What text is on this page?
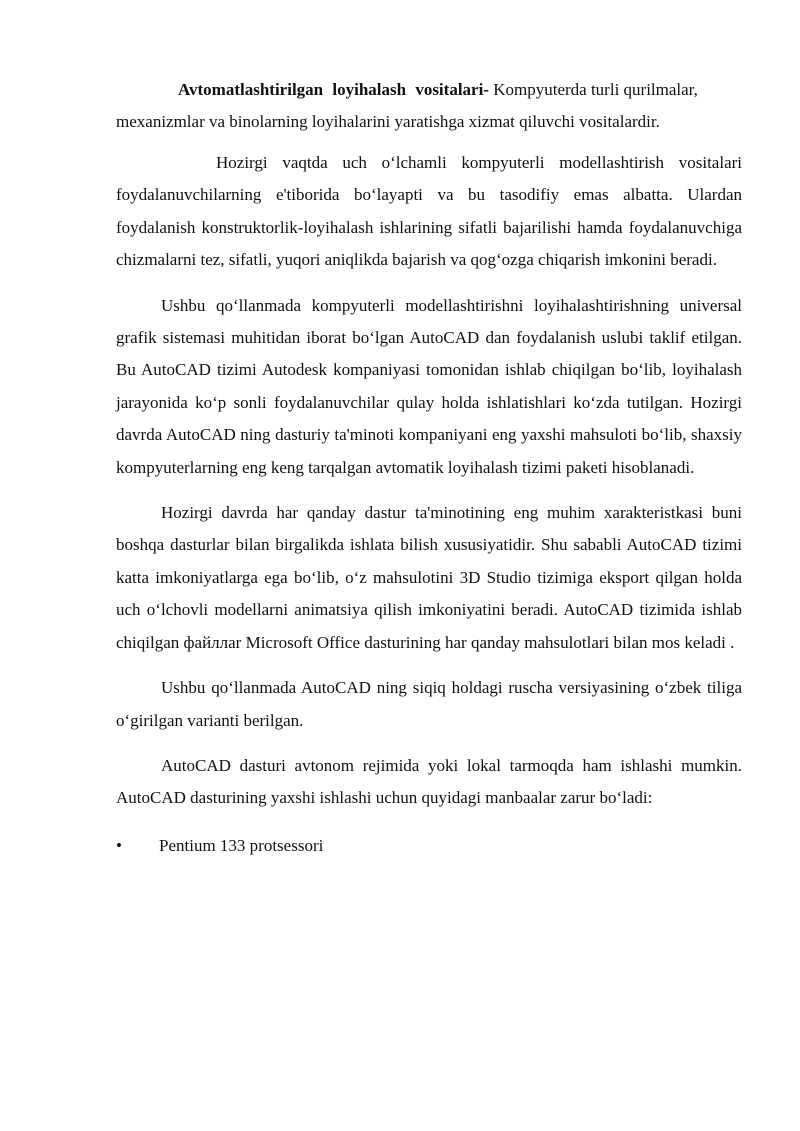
Avtomatlashtirilgan loyihalash vositalari- Kompyuterda turli qurilmalar, mexanizmlar va binolarning loyihalarini yaratishga xizmat qiluvchi vositalardir.

Hozirgi vaqtda uch o‘lchamli kompyuterli modellashtirish vositalari foydalanuvchilarning e'tiborida bo‘layapti va bu tasodifiy emas albatta. Ulardan foydalanish konstruktorlik-loyihalash ishlarining sifatli bajarilishi hamda foydalanuvchiga chizmalarni tez, sifatli, yuqori aniqlikda bajarish va qog‘ozga chiqarish imkonini beradi.

Ushbu qo‘llanmada kompyuterli modellashtirishni loyihalashtirishning universal grafik sistemasi muhitidan iborat bo‘lgan AutoCAD dan foydalanish uslubi taklif etilgan. Bu AutoCAD tizimi Autodesk kompaniyasi tomonidan ishlab chiqilgan bo‘lib, loyihalash jarayonida ko‘p sonli foydalanuvchilar qulay holda ishlatishlari ko‘zda tutilgan. Hozirgi davrda AutoCAD ning dasturiy ta'minoti kompaniyani eng yaxshi mahsuloti bo‘lib, shaxsiy kompyuterlarning eng keng tarqalgan avtomatik loyihalash tizimi paketi hisoblanadi.

Hozirgi davrda har qanday dastur ta'minotining eng muhim xarakteristkasi buni boshqa dasturlar bilan birgalikda ishlata bilish xususiyatidir. Shu sababli AutoCAD tizimi katta imkoniyatlarga ega bo‘lib, o‘z mahsulotini 3D Studio tizimiga eksport qilgan holda uch o‘lchovli modellarni animatsiya qilish imkoniyatini beradi. AutoCAD tizimida ishlab chiqilgan файллar Microsoft Office dasturining har qanday mahsulotlari bilan mos keladi .

Ushbu qo‘llanmada AutoCAD ning siqiq holdagi ruscha versiyasining o‘zbek tiliga o‘girilgan varianti berilgan.

AutoCAD dasturi avtonom rejimida yoki lokal tarmoqda ham ishlashi mumkin. AutoCAD dasturining yaxshi ishlashi uchun quyidagi manbaalar zarur bo‘ladi:

•	Pentium 133 protsessori
